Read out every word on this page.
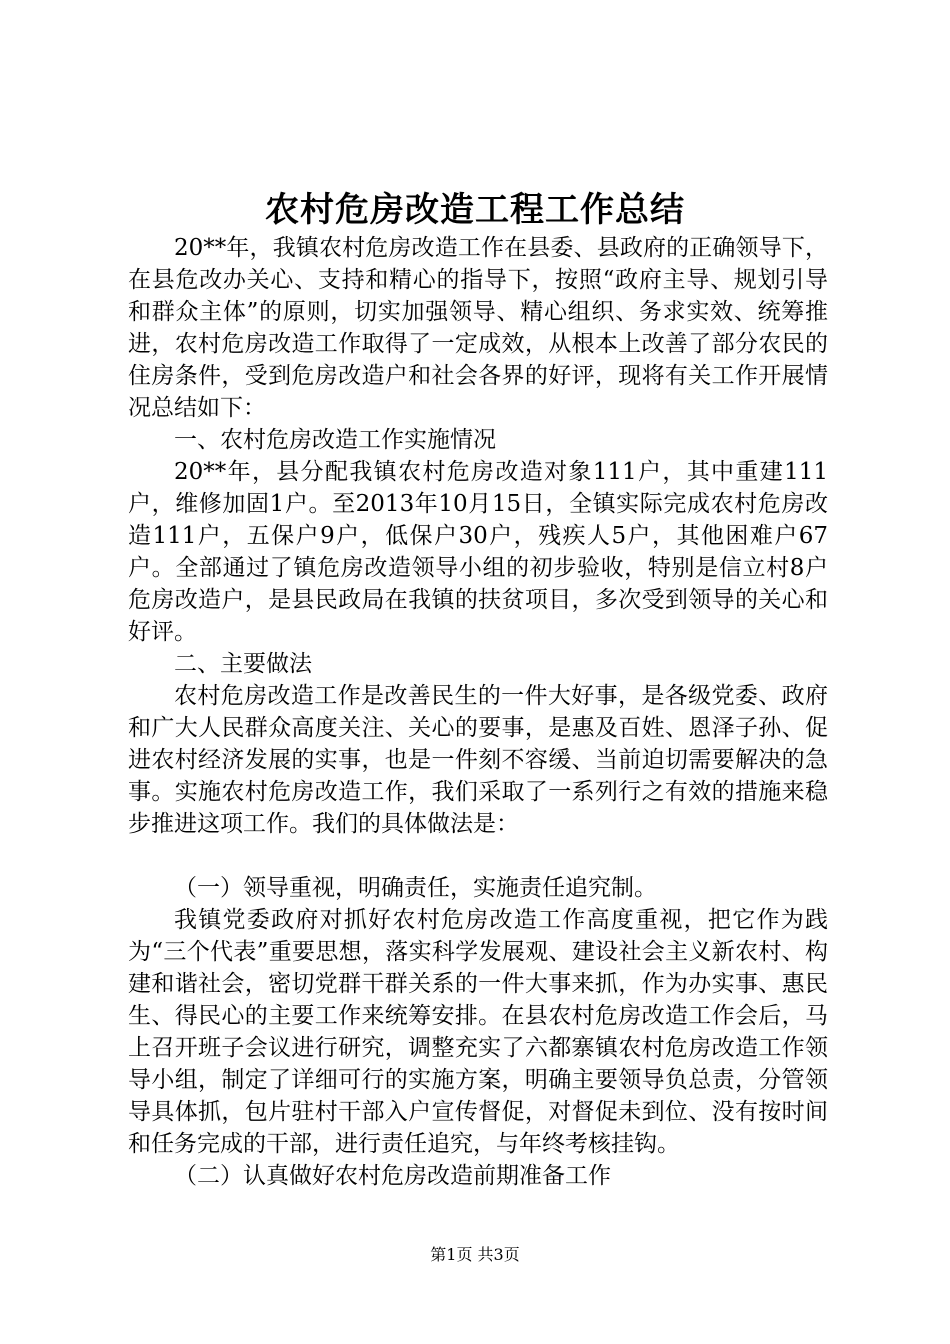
农村危房改造工程工作总结

20**年，我镇农村危房改造工作在县委、县政府的正确领导下，在县危改办关心、支持和精心的指导下，按照“政府主导、规划引导和群众主体”的原则，切实加强领导、精心组织、务求实效、统筹推进，农村危房改造工作取得了一定成效，从根本上改善了部分农民的住房条件，受到危房改造户和社会各界的好评，现将有关工作开展情况总结如下：

一、农村危房改造工作实施情况

20**年，县分配我镇农村危房改造对象111户，其中重建111户，维修加固1户。至2013年10月15日，全镇实际完成农村危房改造111户，五保户9户，低保户30户，残疾人5户，其他困难户67户。全部通过了镇危房改造领导小组的初步验收，特别是信立村8户危房改造户，是县民政局在我镇的扶贫项目，多次受到领导的关心和好评。

二、主要做法

农村危房改造工作是改善民生的一件大好事，是各级党委、政府和广大人民群众高度关注、关心的要事，是惠及百姓、恩泽子孙、促进农村经济发展的实事，也是一件刻不容缓、当前迫切需要解决的急事。实施农村危房改造工作，我们采取了一系列行之有效的措施来稳步推进这项工作。我们的具体做法是：

（一）领导重视，明确责任，实施责任追究制。

我镇党委政府对抓好农村危房改造工作高度重视，把它作为践为“三个代表”重要思想，落实科学发展观、建设社会主义新农村、构建和谐社会，密切党群干群关系的一件大事来抓，作为办实事、惠民生、得民心的主要工作来统筹安排。在县农村危房改造工作会后，马上召开班子会议进行研究，调整充实了六都寨镇农村危房改造工作领导小组，制定了详细可行的实施方案，明确主要领导负总责，分管领导具体抓，包片驻村干部入户宣传督促，对督促未到位、没有按时间和任务完成的干部，进行责任追究，与年终考核挂钩。

（二）认真做好农村危房改造前期准备工作

第1页 共3页
